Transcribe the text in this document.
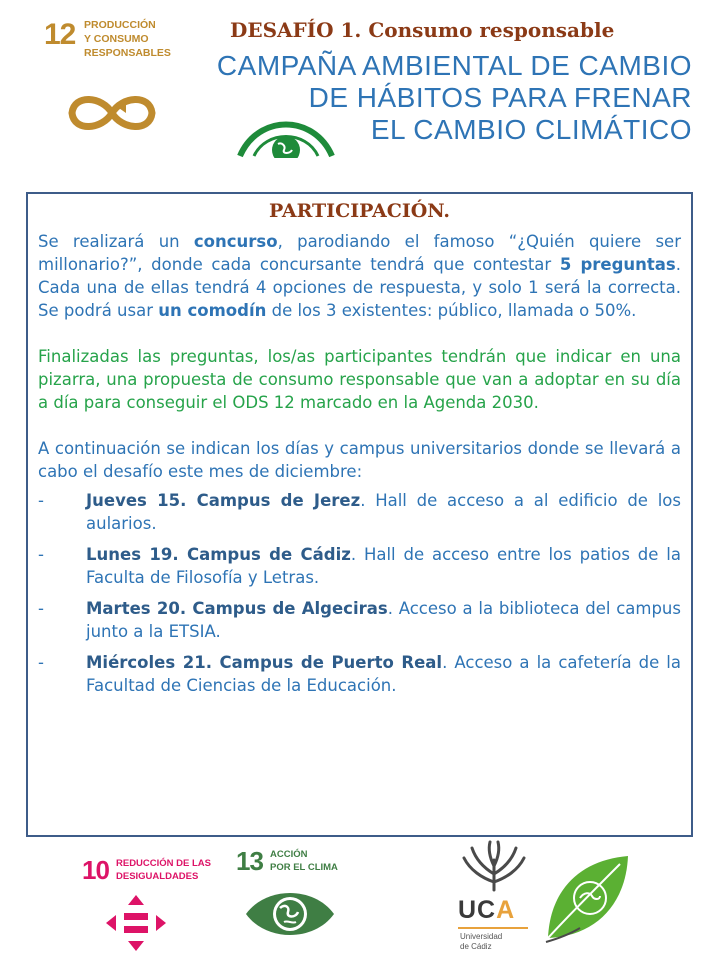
12 PRODUCCIÓN
Y CONSUMO
RESPONSABLES
DESAFÍO 1. Consumo responsable
CAMPAÑA AMBIENTAL DE CAMBIO
DE HÁBITOS PARA FRENAR
EL CAMBIO CLIMÁTICO
PARTICIPACIÓN.

Se realizará un concurso, parodiando el famoso “¿Quién quiere ser millonario?”, donde cada concursante tendrá que contestar 5 preguntas. Cada una de ellas tendrá 4 opciones de respuesta, y solo 1 será la correcta. Se podrá usar un comodín de los 3 existentes: público, llamada o 50%.

Finalizadas las preguntas, los/as participantes tendrán que indicar en una pizarra, una propuesta de consumo responsable que van a adoptar en su día a día para conseguir el ODS 12 marcado en la Agenda 2030.

A continuación se indican los días y campus universitarios donde se llevará a cabo el desafío este mes de diciembre:

-	Jueves 15. Campus de Jerez. Hall de acceso a al edificio de los aularios.
-	Lunes 19. Campus de Cádiz. Hall de acceso entre los patios de la Faculta de Filosofía y Letras.
-	Martes 20. Campus de Algeciras. Acceso a la biblioteca del campus junto a la ETSIA.
-	Miércoles 21. Campus de Puerto Real. Acceso a la cafetería de la Facultad de Ciencias de la Educación.
10 REDUCCIÓN DE LAS
DESIGUALDADES
13 ACCIÓN
POR EL CLIMA
UCA
Universidad
de Cádiz
